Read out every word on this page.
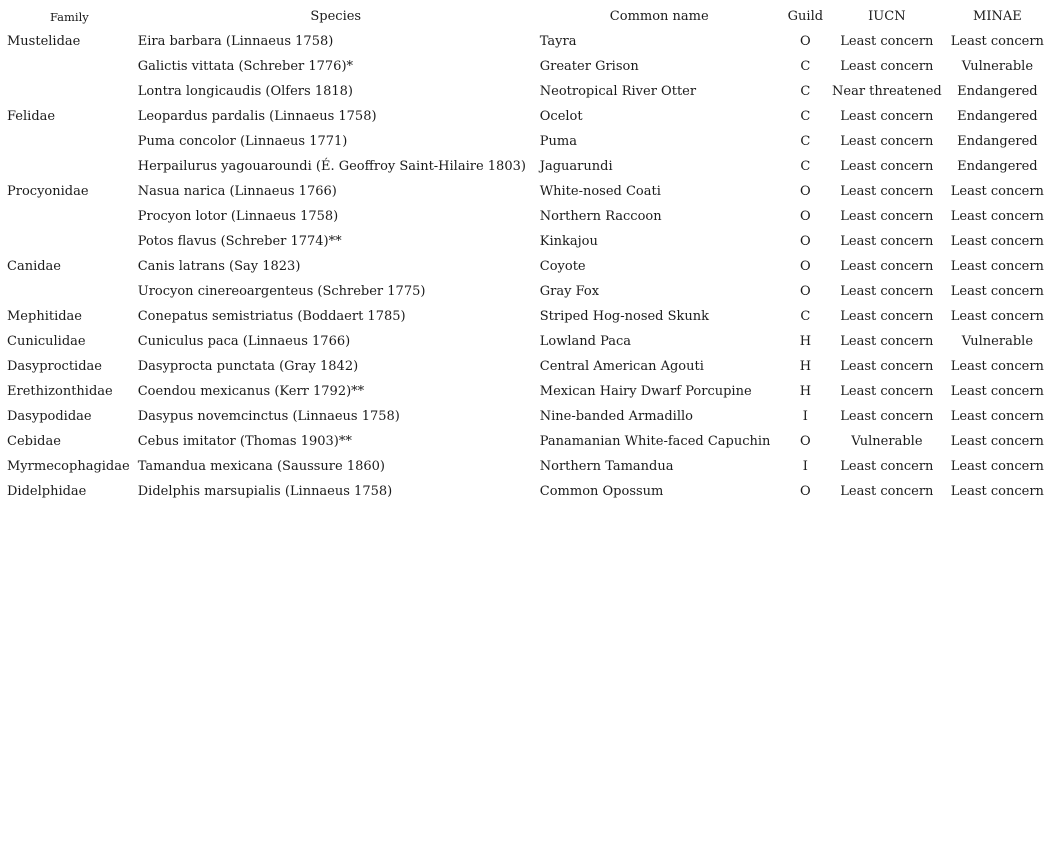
Family	Species	Common name	Guild	IUCN	MINAE
Mustelidae	Eira barbara (Linnaeus 1758)	Tayra	O	Least concern	Least concern
	Galictis vittata (Schreber 1776)*	Greater Grison	C	Least concern	Vulnerable
	Lontra longicaudis (Olfers 1818)	Neotropical River Otter	C	Near threatened	Endangered
Felidae	Leopardus pardalis (Linnaeus 1758)	Ocelot	C	Least concern	Endangered
	Puma concolor (Linnaeus 1771)	Puma	C	Least concern	Endangered
	Herpailurus yagouaroundi (É. Geoffroy Saint-Hilaire 1803)	Jaguarundi	C	Least concern	Endangered
Procyonidae	Nasua narica (Linnaeus 1766)	White-nosed Coati	O	Least concern	Least concern
	Procyon lotor (Linnaeus 1758)	Northern Raccoon	O	Least concern	Least concern
	Potos flavus (Schreber 1774)**	Kinkajou	O	Least concern	Least concern
Canidae	Canis latrans (Say 1823)	Coyote	O	Least concern	Least concern
	Urocyon cinereoargenteus (Schreber 1775)	Gray Fox	O	Least concern	Least concern
Mephitidae	Conepatus semistriatus (Boddaert 1785)	Striped Hog-nosed Skunk	C	Least concern	Least concern
Cuniculidae	Cuniculus paca (Linnaeus 1766)	Lowland Paca	H	Least concern	Vulnerable
Dasyproctidae	Dasyprocta punctata (Gray 1842)	Central American Agouti	H	Least concern	Least concern
Erethizonthidae	Coendou mexicanus (Kerr 1792)**	Mexican Hairy Dwarf Porcupine	H	Least concern	Least concern
Dasypodidae	Dasypus novemcinctus (Linnaeus 1758)	Nine-banded Armadillo	I	Least concern	Least concern
Cebidae	Cebus imitator (Thomas 1903)**	Panamanian White-faced Capuchin	O	Vulnerable	Least concern
Myrmecophagidae	Tamandua mexicana (Saussure 1860)	Northern Tamandua	I	Least concern	Least concern
Didelphidae	Didelphis marsupialis (Linnaeus 1758)	Common Opossum	O	Least concern	Least concern
